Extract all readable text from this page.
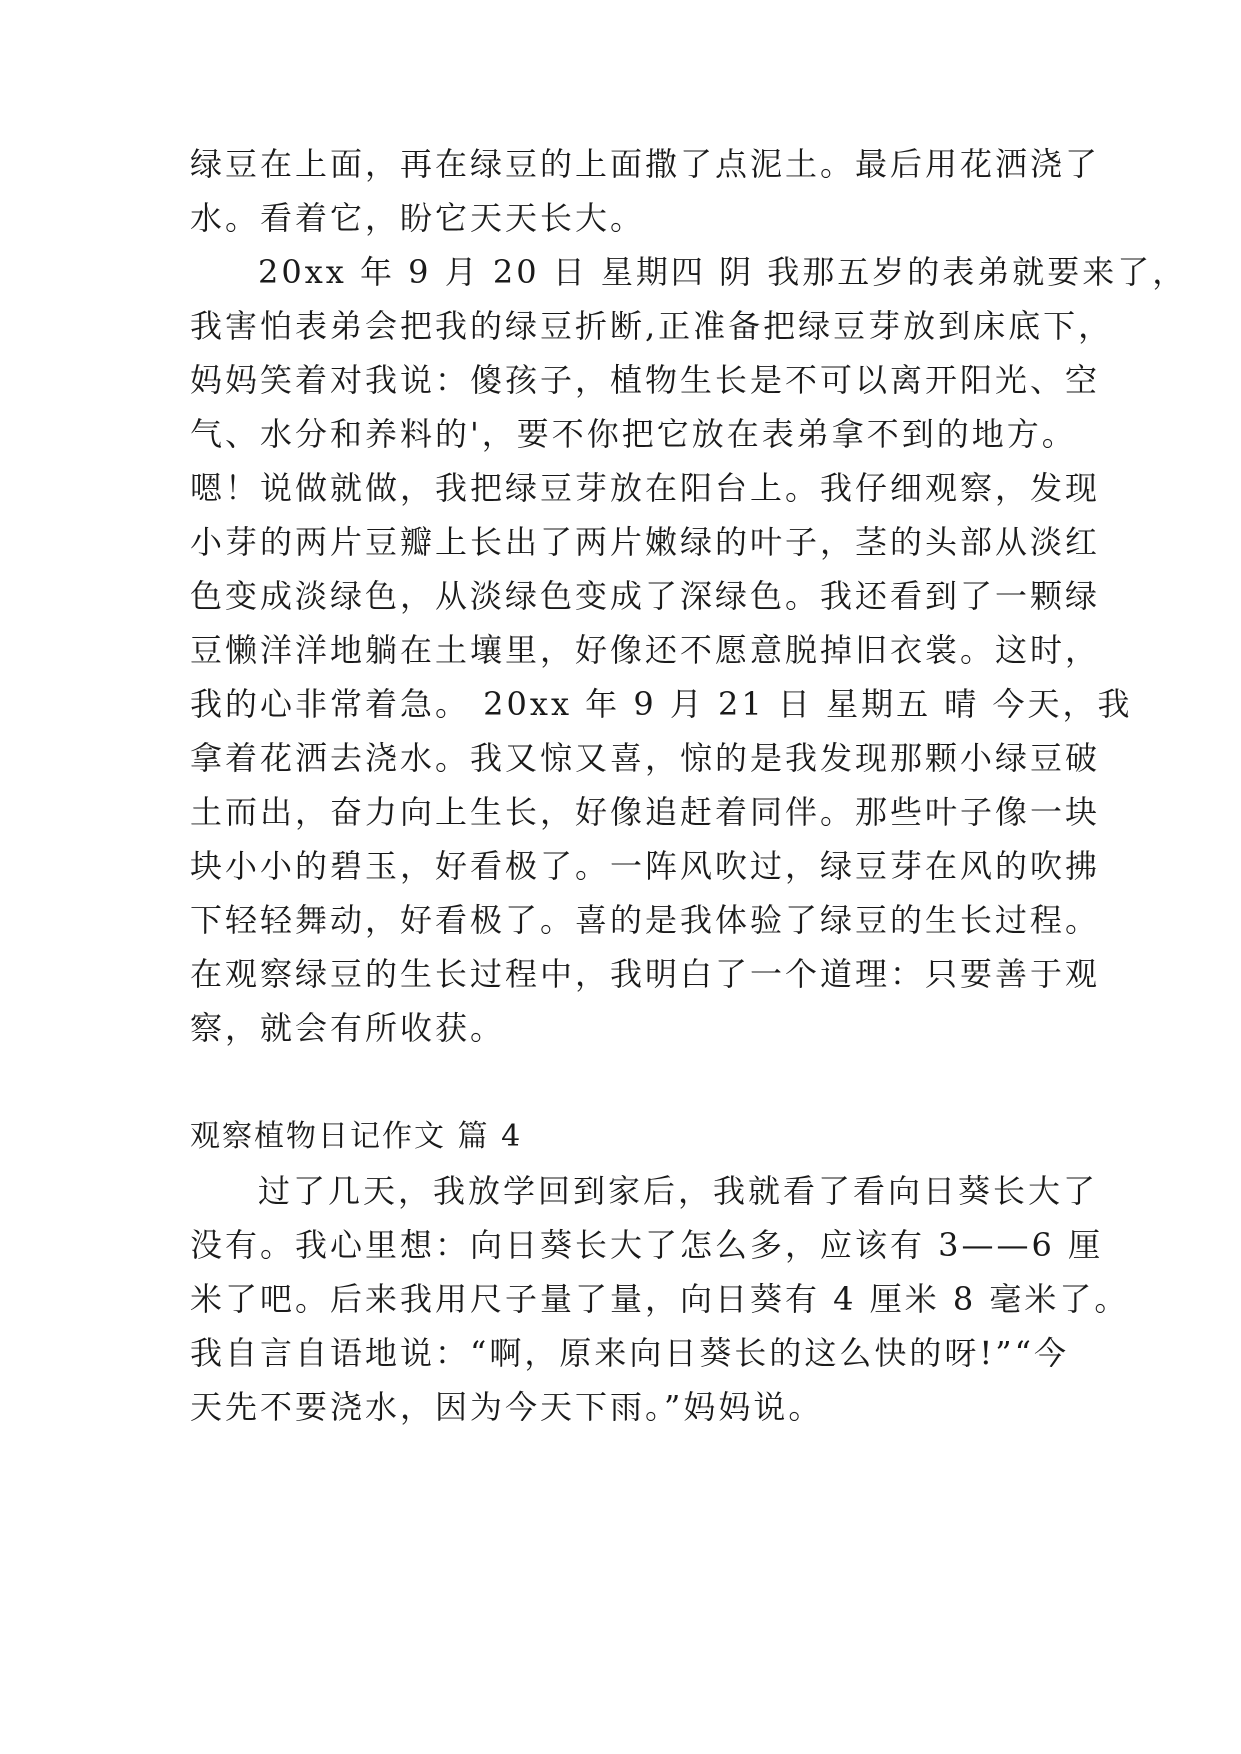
绿豆在上面，再在绿豆的上面撒了点泥土。最后用花洒浇了
水。看着它，盼它天天长大。
20xx 年 9 月 20 日 星期四 阴 我那五岁的表弟就要来了，
我害怕表弟会把我的绿豆折断,正准备把绿豆芽放到床底下，
妈妈笑着对我说：傻孩子，植物生长是不可以离开阳光、空
气、水分和养料的'，要不你把它放在表弟拿不到的地方。
嗯！说做就做，我把绿豆芽放在阳台上。我仔细观察，发现
小芽的两片豆瓣上长出了两片嫩绿的叶子，茎的头部从淡红
色变成淡绿色，从淡绿色变成了深绿色。我还看到了一颗绿
豆懒洋洋地躺在土壤里，好像还不愿意脱掉旧衣裳。这时，
我的心非常着急。 20xx 年 9 月 21 日 星期五 晴 今天，我
拿着花洒去浇水。我又惊又喜，惊的是我发现那颗小绿豆破
土而出，奋力向上生长，好像追赶着同伴。那些叶子像一块
块小小的碧玉，好看极了。一阵风吹过，绿豆芽在风的吹拂
下轻轻舞动，好看极了。喜的是我体验了绿豆的生长过程。
在观察绿豆的生长过程中，我明白了一个道理：只要善于观
察，就会有所收获。
观察植物日记作文 篇 4
过了几天，我放学回到家后，我就看了看向日葵长大了
没有。我心里想：向日葵长大了怎么多，应该有 3——6 厘
米了吧。后来我用尺子量了量，向日葵有 4 厘米 8 毫米了。
我自言自语地说：“啊，原来向日葵长的这么快的呀!”“今
天先不要浇水，因为今天下雨。”妈妈说。
